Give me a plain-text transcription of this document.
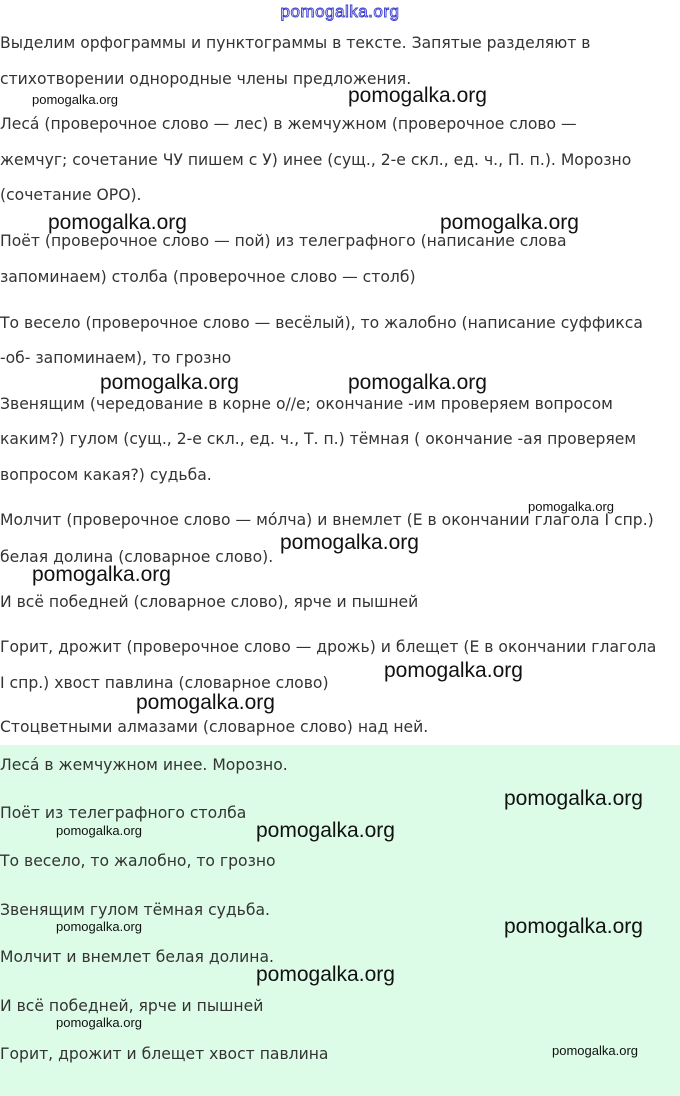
pomogalka.org
Выделим орфограммы и пунктограммы в тексте. Запятые разделяют в
стихотворении однородные члены предложения.
Леса́ (проверочное слово — лес) в жемчужном (проверочное слово —
жемчуг; сочетание ЧУ пишем с У) инее (сущ., 2-е скл., ед. ч., П. п.). Морозно
(сочетание ОРО).
Поёт (проверочное слово — пой) из телеграфного (написание слова
запоминаем) столба (проверочное слово — столб)
То весело (проверочное слово — весёлый), то жалобно (написание суффикса
-об- запоминаем), то грозно
Звенящим (чередование в корне о//е; окончание -им проверяем вопросом
каким?) гулом (сущ., 2-е скл., ед. ч., Т. п.) тёмная ( окончание -ая проверяем
вопросом какая?) судьба.
Молчит (проверочное слово — мо́лча) и внемлет (Е в окончании глагола I спр.)
белая долина (словарное слово).
И всё победней (словарное слово), ярче и пышней
Горит, дрожит (проверочное слово — дрожь) и блещет (Е в окончании глагола
I спр.) хвост павлина (словарное слово)
Стоцветными алмазами (словарное слово) над ней.
Леса́ в жемчужном инее. Морозно.
Поёт из телеграфного столба
То весело, то жалобно, то грозно
Звенящим гулом тёмная судьба.
Молчит и внемлет белая долина.
И всё победней, ярче и пышней
Горит, дрожит и блещет хвост павлина
pomogalka.org	pomogalka.org
pomogalka.org	pomogalka.org
pomogalka.org	pomogalka.org
pomogalka.org
pomogalka.org
pomogalka.org
pomogalka.org
pomogalka.org
pomogalka.org
pomogalka.org	pomogalka.org
pomogalka.org	pomogalka.org
pomogalka.org
pomogalka.org
pomogalka.org
